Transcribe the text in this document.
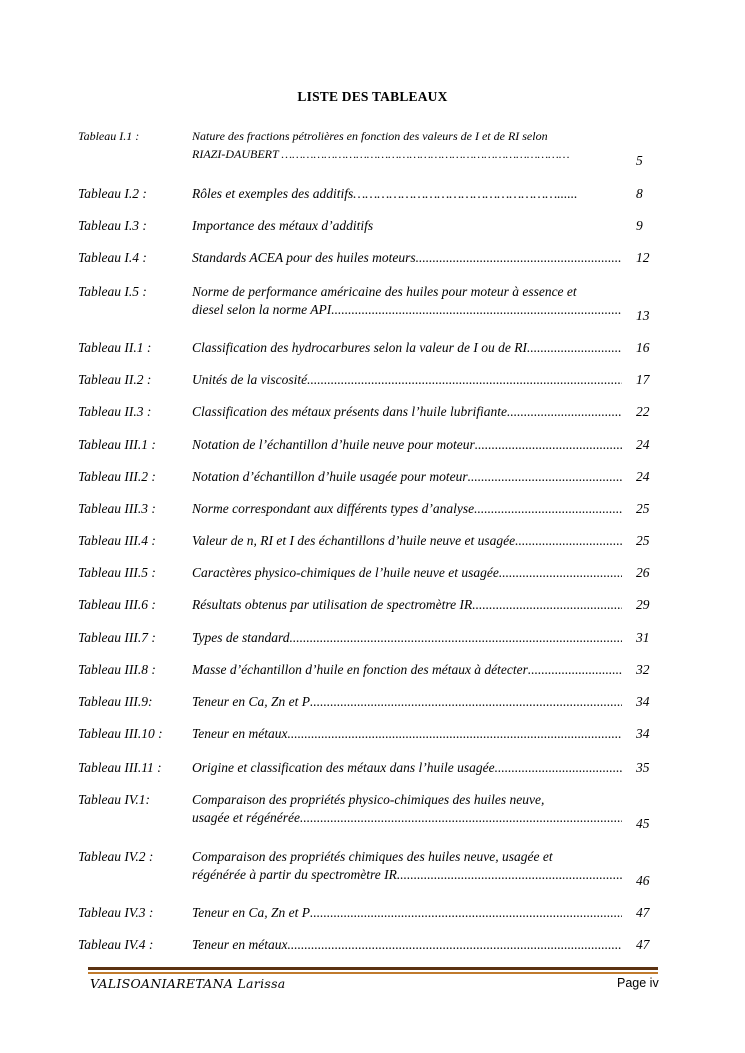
LISTE DES TABLEAUX
Tableau I.1 :	Nature des fractions pétrolières en fonction des valeurs de I et de RI selon
RIAZI-DAUBERT ………………………………………………………………………	5
Tableau I.2 :	Rôles et exemples des additifs……………………………………………......	8
Tableau I.3 :	Importance des métaux d’additifs	9
Tableau I.4 :	Standards ACEA pour des huiles moteurs .....	12
Tableau I.5 :	Norme de performance américaine des huiles pour moteur à essence et
diesel selon la norme API .....	13
Tableau II.1 :	Classification des hydrocarbures selon la valeur de I ou de RI .....	16
Tableau II.2 :	Unités de la viscosité .....	17
Tableau II.3 :	Classification des métaux présents dans l’huile lubrifiante .....	22
Tableau III.1 :	Notation de l’échantillon d’huile neuve pour moteur .....	24
Tableau III.2 :	Notation d’échantillon d’huile usagée pour moteur .....	24
Tableau III.3 :	Norme correspondant aux différents types d’analyse .....	25
Tableau III.4 :	Valeur de n, RI et I des échantillons d’huile neuve et usagée .....	25
Tableau III.5 :	Caractères physico-chimiques de l’huile neuve et usagée .....	26
Tableau III.6 :	Résultats obtenus par utilisation de spectromètre IR .....	29
Tableau III.7 :	Types de standard .....	31
Tableau III.8 :	Masse d’échantillon d’huile en fonction des métaux à détecter .....	32
Tableau III.9:	Teneur en Ca, Zn et P .....	34
Tableau III.10 : Teneur en métaux .....	34
Tableau III.11 : Origine et classification des métaux dans l’huile usagée .....	35
Tableau IV.1:	Comparaison des propriétés physico-chimiques des huiles neuve,
usagée et régénérée .....	45
Tableau IV.2 :	Comparaison des propriétés chimiques des huiles neuve, usagée et
régénérée à partir du spectromètre IR .....	46
Tableau IV.3 :	Teneur en Ca, Zn et P .....	47
Tableau IV.4 :	Teneur en métaux .....	47
VALISOANIARETANA Larissa	Page iv
